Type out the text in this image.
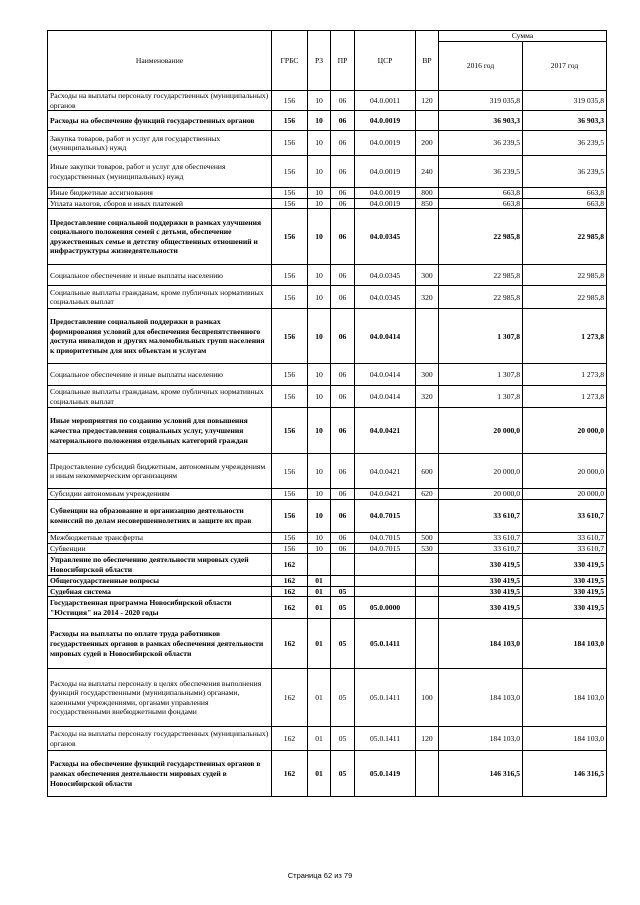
Наименование	ГРБС	РЗ	ПР	ЦСР	ВР	Сумма	
						2016 год	2017 год
Расходы на выплаты персоналу государственных (муниципальных) органов	156	10	06	04.0.0011	120	319 035,8	319 035,8
Расходы на обеспечение функций государственных органов	156	10	06	04.0.0019		36 903,3	36 903,3
Закупка товаров, работ и услуг для государственных (муниципальных) нужд	156	10	06	04.0.0019	200	36 239,5	36 239,5
Иные закупки товаров, работ и услуг для обеспечения государственных (муниципальных) нужд	156	10	06	04.0.0019	240	36 239,5	36 239,5
Иные бюджетные ассигнования	156	10	06	04.0.0019	800	663,8	663,8
Уплата налогов, сборов и иных платежей	156	10	06	04.0.0019	850	663,8	663,8
Предоставление социальной поддержки в рамках улучшения социального положения семей с детьми, обеспечение дружественных семье и детству общественных отношений и инфраструктуры жизнедеятельности	156	10	06	04.0.0345		22 985,8	22 985,8
Социальное обеспечение и иные выплаты населению	156	10	06	04.0.0345	300	22 985,8	22 985,8
Социальные выплаты гражданам, кроме публичных нормативных социальных выплат	156	10	06	04.0.0345	320	22 985,8	22 985,8
Предоставление социальной поддержки в рамках формирования условий для обеспечения беспрепятственного доступа инвалидов и других маломобильных групп населения к приоритетным для них объектам и услугам	156	10	06	04.0.0414		1 307,8	1 273,8
Социальное обеспечение и иные выплаты населению	156	10	06	04.0.0414	300	1 307,8	1 273,8
Социальные выплаты гражданам, кроме публичных нормативных социальных выплат	156	10	06	04.0.0414	320	1 307,8	1 273,8
Иные мероприятия по созданию условий для повышения качества предоставления социальных услуг, улучшения материального положения отдельных категорий граждан	156	10	06	04.0.0421		20 000,0	20 000,0
Предоставление субсидий бюджетным, автономным учреждениям и иным некоммерческим организациям	156	10	06	04.0.0421	600	20 000,0	20 000,0
Субсидии автономным учреждениям	156	10	06	04.0.0421	620	20 000,0	20 000,0
Субвенции на образование и организацию деятельности комиссий по делам несовершеннолетних и защите их прав	156	10	06	04.0.7015		33 610,7	33 610,7
Межбюджетные трансферты	156	10	06	04.0.7015	500	33 610,7	33 610,7
Субвенции	156	10	06	04.0.7015	530	33 610,7	33 610,7
Управление по обеспечению деятельности мировых судей Новосибирской области	162					330 419,5	330 419,5
Общегосударственные вопросы	162	01				330 419,5	330 419,5
Судебная система	162	01	05			330 419,5	330 419,5
Государственная программа Новосибирской области "Юстиция" на 2014 - 2020 годы	162	01	05	05.0.0000		330 419,5	330 419,5
Расходы на выплаты по оплате труда работников государственных органов в рамках обеспечения деятельности мировых судей в Новосибирской области	162	01	05	05.0.1411		184 103,0	184 103,0
Расходы на выплаты персоналу в целях обеспечения выполнения функций государственными (муниципальными) органами, казенными учреждениями, органами управления государственными внебюджетными фондами	162	01	05	05.0.1411	100	184 103,0	184 103,0
Расходы на выплаты персоналу государственных (муниципальных) органов	162	01	05	05.0.1411	120	184 103,0	184 103,0
Расходы на обеспечение функций государственных органов в рамках обеспечения деятельности мировых судей в Новосибирской области	162	01	05	05.0.1419		146 316,5	146 316,5
Страница 62 из 79
